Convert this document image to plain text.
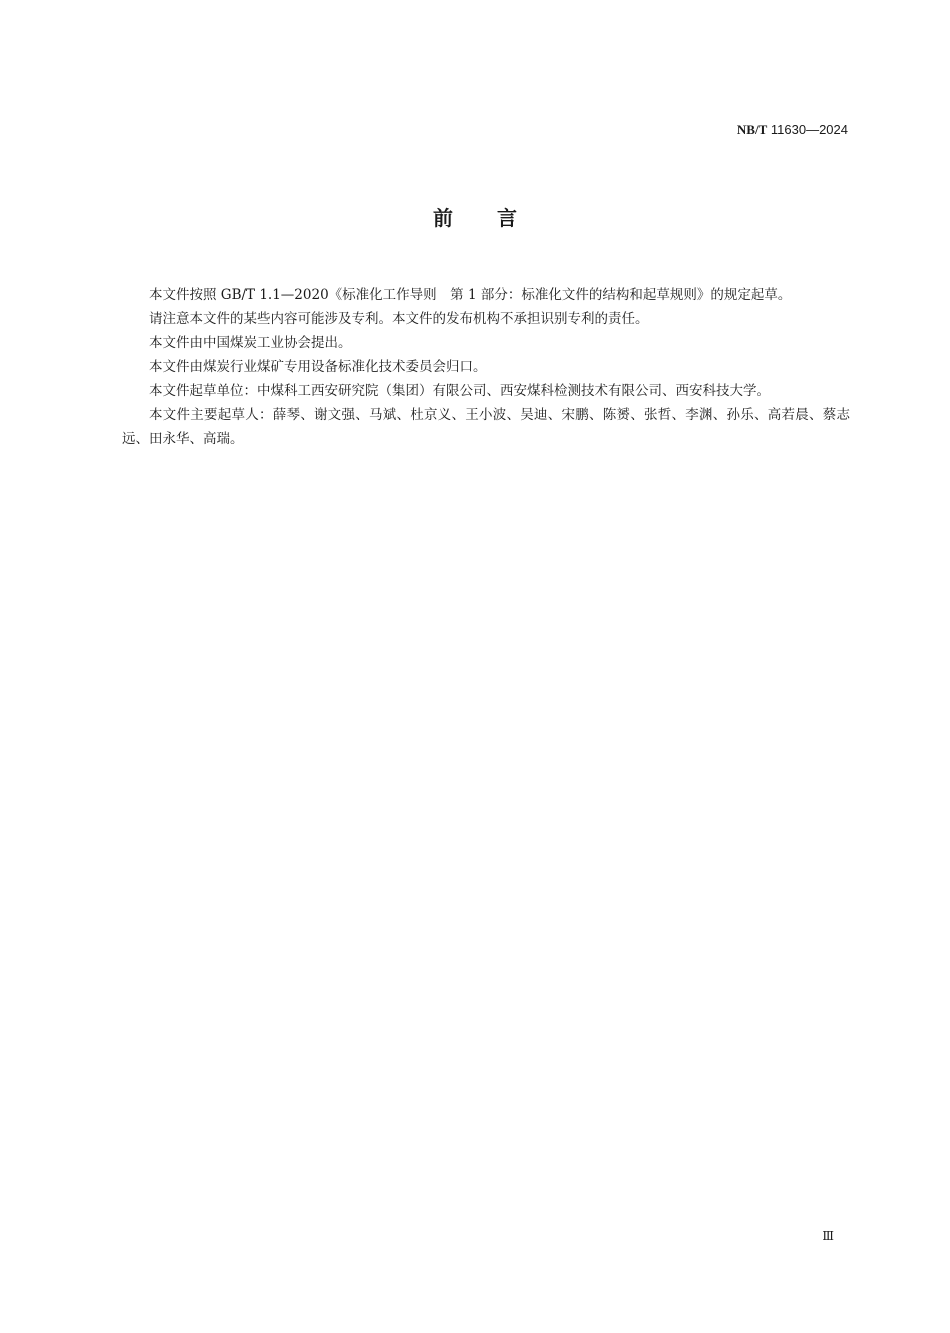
NB/T 11630—2024
前言

本文件按照 GB/T 1.1—2020《标准化工作导则　第 1 部分：标准化文件的结构和起草规则》的规定起草。

请注意本文件的某些内容可能涉及专利。本文件的发布机构不承担识别专利的责任。

本文件由中国煤炭工业协会提出。

本文件由煤炭行业煤矿专用设备标准化技术委员会归口。

本文件起草单位：中煤科工西安研究院（集团）有限公司、西安煤科检测技术有限公司、西安科技大学。

本文件主要起草人：薛琴、谢文强、马斌、杜京义、王小波、吴迪、宋鹏、陈赟、张哲、李渊、孙乐、高若晨、蔡志远、田永华、高瑞。

Ⅲ
